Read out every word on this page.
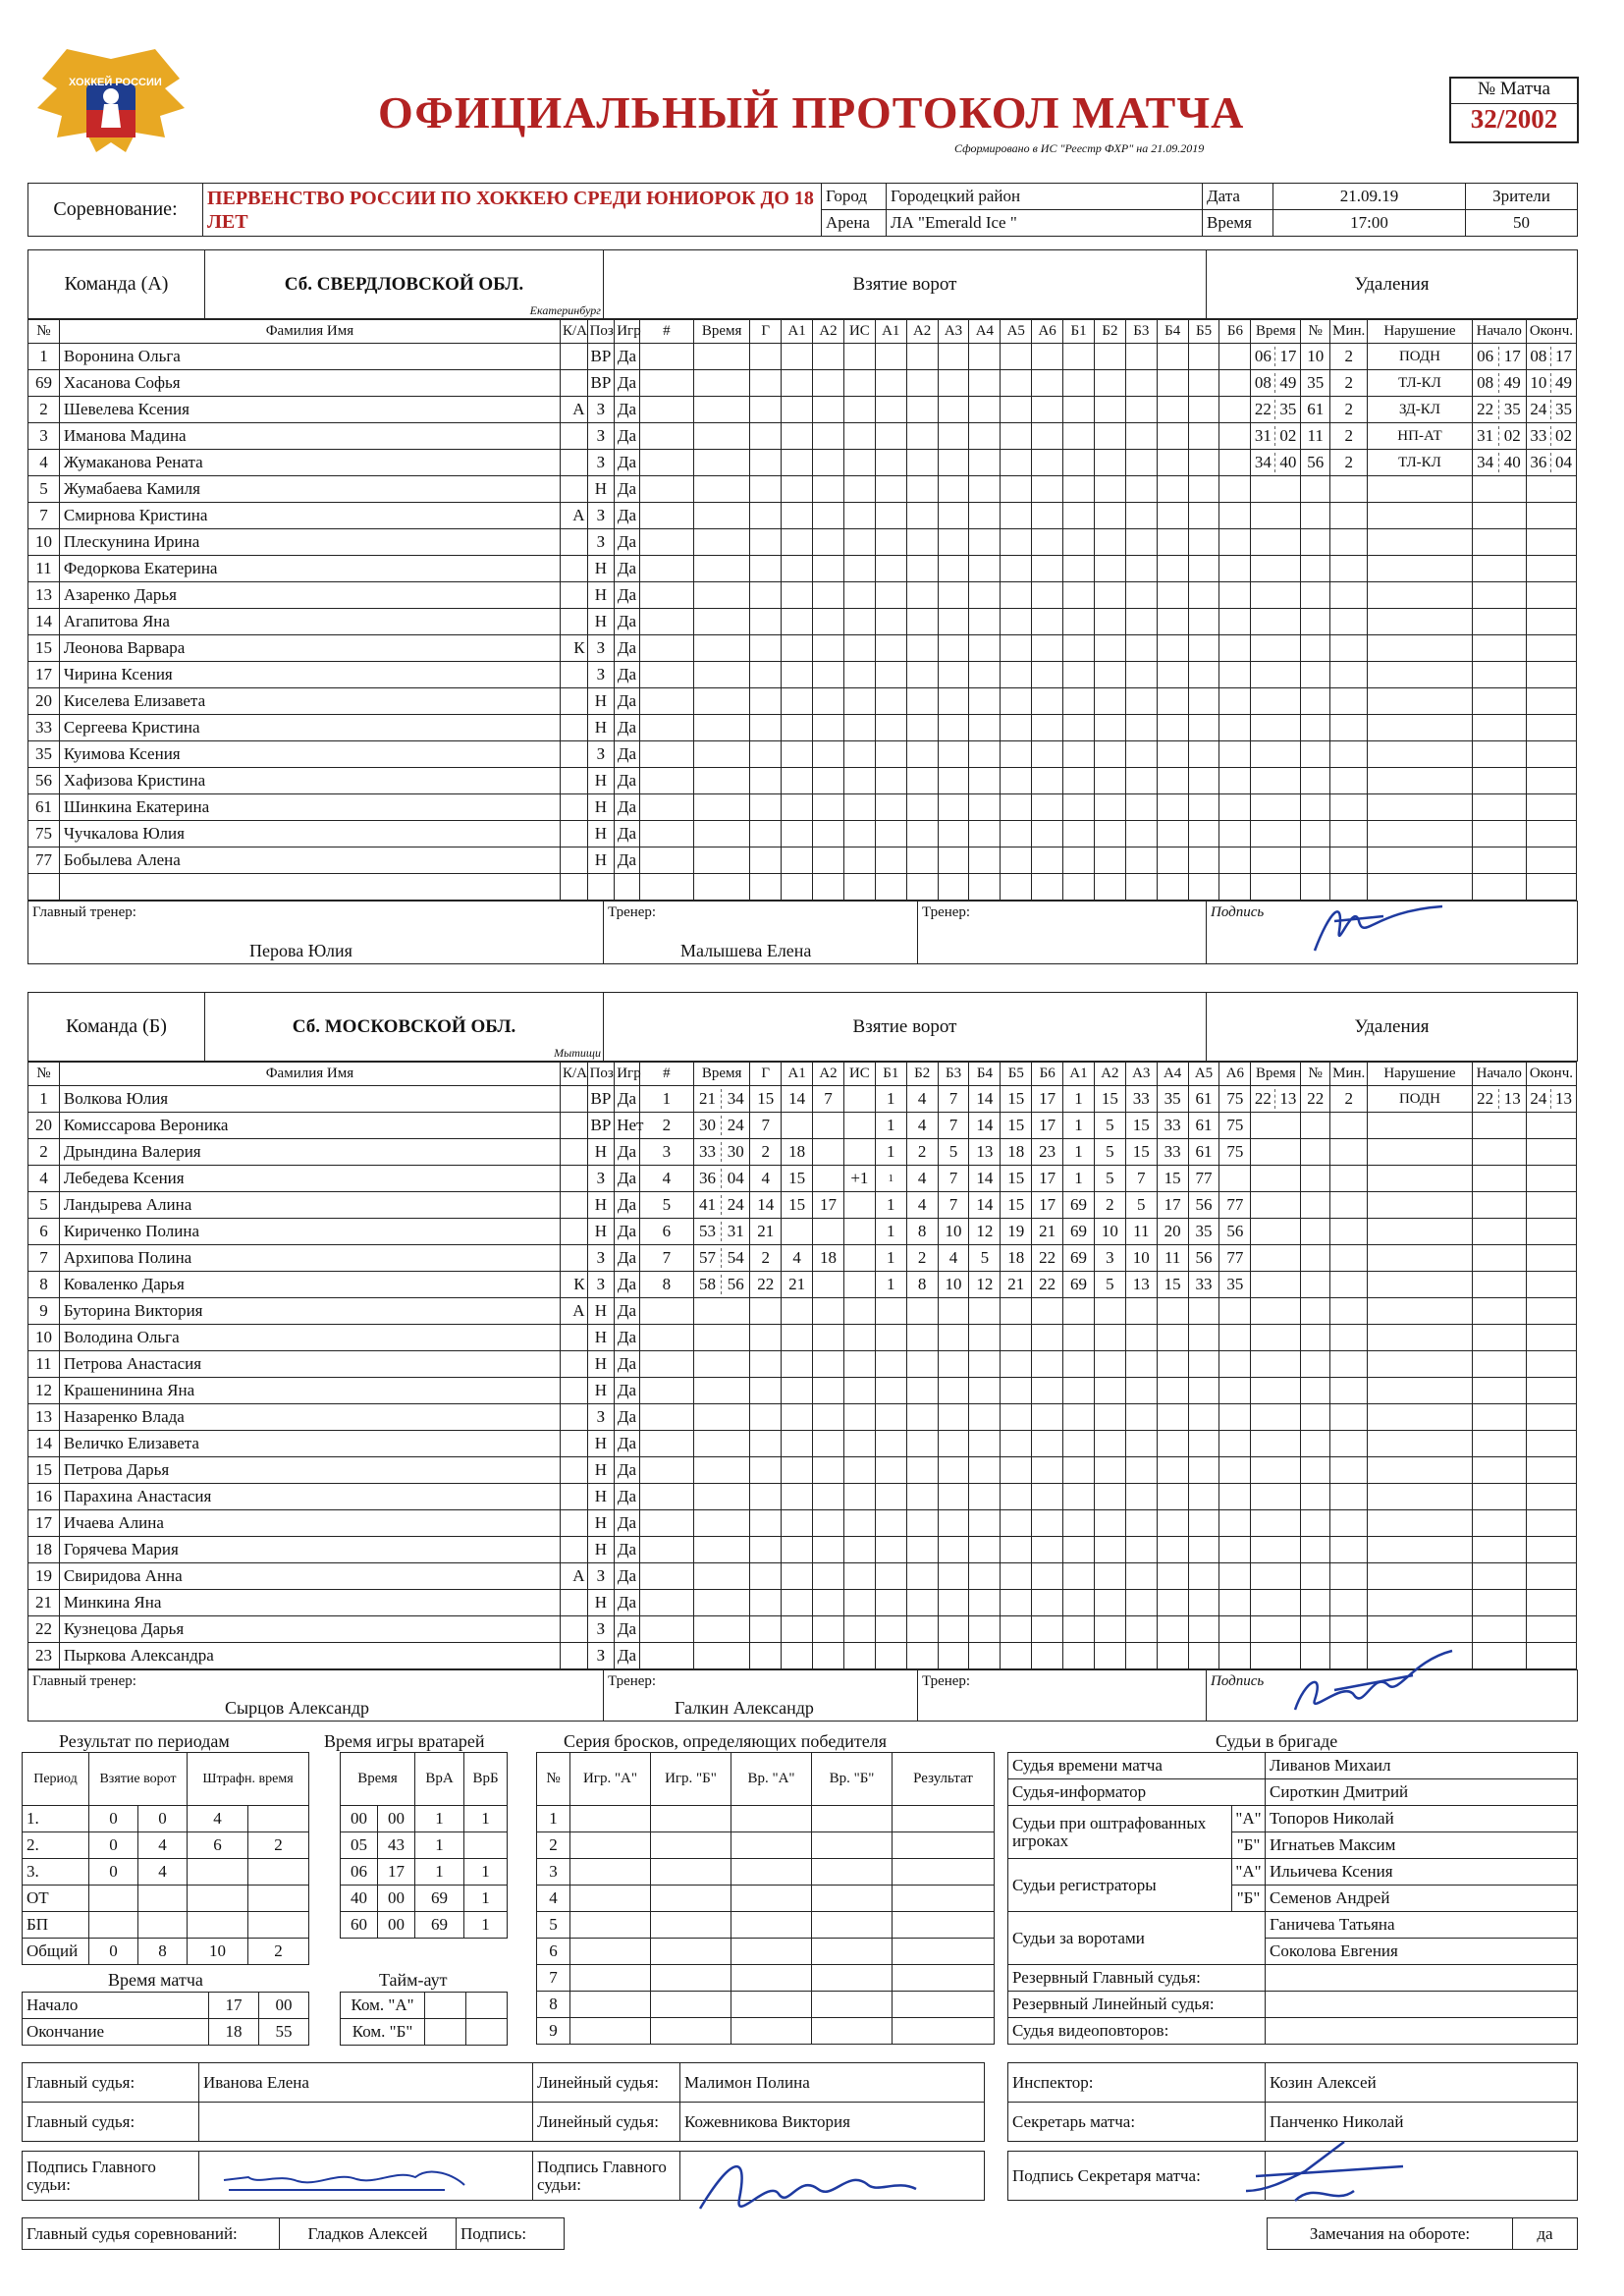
ХОККЕЙ РОССИИ
ОФИЦИАЛЬНЫЙ ПРОТОКОЛ МАТЧА
Сформировано в ИС "Реестр ФХР" на 21.09.2019
№ Матча
32/2002
Соревнование:	ПЕРВЕНСТВО РОССИИ ПО ХОККЕЮ СРЕДИ ЮНИОРОК ДО 18 ЛЕТ	Город	Городецкий район	Дата	21.09.19	Зрители
		Арена	ЛА "Emerald Ice "	Время	17:00	50
Команда (А)	Сб. СВЕРДЛОВСКОЙ ОБЛ.
Екатеринбург
	Взятие ворот	Удаления
№	Фамилия Имя	К/А	Поз	Игр	#	Время	Г	А1	А2	ИС	А1	А2	А3	А4	А5	А6	Б1	Б2	Б3	Б4	Б5	Б6	Время	№	Мин.	Нарушение	Начало	Оконч.
1	Воронина Ольга		ВР	Да																			06 17	10	2	ПОДН	06 17	08 17
69	Хасанова Софья		ВР	Да																			08 49	35	2	ТЛ-КЛ	08 49	10 49
2	Шевелева Ксения	А	З	Да																			22 35	61	2	ЗД-КЛ	22 35	24 35
3	Иманова Мадина		З	Да																			31 02	11	2	НП-АТ	31 02	33 02
4	Жумаканова Рената		З	Да																			34 40	56	2	ТЛ-КЛ	34 40	36 04
5	Жумабаева Камиля		Н	Да																								
7	Смирнова Кристина	А	З	Да																								
10	Плескунина Ирина		З	Да																								
11	Федоркова Екатерина		Н	Да																								
13	Азаренко Дарья		Н	Да																								
14	Агапитова Яна		Н	Да																								
15	Леонова Варвара	К	З	Да																								
17	Чирина Ксения		З	Да																								
20	Киселева Елизавета		Н	Да																								
33	Сергеева Кристина		Н	Да																								
35	Куимова Ксения		З	Да																								
56	Хафизова Кристина		Н	Да																								
61	Шинкина Екатерина		Н	Да																								
75	Чучкалова Юлия		Н	Да																								
77	Бобылева Алена		Н	Да																								

Главный тренер:
Перова Юлия
	Тренер:
Малышева Елена
	Тренер:	Подпись
Команда (Б)	Сб. МОСКОВСКОЙ ОБЛ.
Мытищи
	Взятие ворот	Удаления
№	Фамилия Имя	К/А	Поз	Игр	#	Время	Г	А1	А2	ИС	Б1	Б2	Б3	Б4	Б5	Б6	А1	А2	А3	А4	А5	А6	Время	№	Мин.	Нарушение	Начало	Оконч.
1	Волкова Юлия		ВР	Да	1	21 34	15	14	7		1	4	7	14	15	17	1	15	33	35	61	75	22 13	22	2	ПОДН	22 13	24 13
20	Комиссарова Вероника		ВР	Нет	2	30 24	7				1	4	7	14	15	17	1	5	15	33	61	75						
2	Дрындина Валерия		Н	Да	3	33 30	2	18			1	2	5	13	18	23	1	5	15	33	61	75						
4	Лебедева Ксения		З	Да	4	36 04	4	15		+1	1	4	7	14	15	17	1	5	7	15	77							
5	Ландырева Алина		Н	Да	5	41 24	14	15	17		1	4	7	14	15	17	69	2	5	17	56	77						
6	Кириченко Полина		Н	Да	6	53 31	21				1	8	10	12	19	21	69	10	11	20	35	56						
7	Архипова Полина		З	Да	7	57 54	2	4	18		1	2	4	5	18	22	69	3	10	11	56	77						
8	Коваленко Дарья	К	З	Да	8	58 56	22	21			1	8	10	12	21	22	69	5	13	15	33	35						
9	Буторина Виктория	А	Н	Да																								
10	Володина Ольга		Н	Да																								
11	Петрова Анастасия		Н	Да																								
12	Крашенинина Яна		Н	Да																								
13	Назаренко Влада		З	Да																								
14	Величко Елизавета		Н	Да																								
15	Петрова Дарья		Н	Да																								
16	Парахина Анастасия		Н	Да																								
17	Ичаева Алина		Н	Да																								
18	Горячева Мария		Н	Да																								
19	Свиридова Анна	А	З	Да																								
21	Минкина Яна		Н	Да																								
22	Кузнецова Дарья		З	Да																								
23	Пыркова Александра		З	Да																								
Главный тренер:
Сырцов Александр
	Тренер:
Галкин Александр
	Тренер:	Подпись
Результат по периодам
Период	Взятие ворот		Штрафн. время	
1.	0	0	4	
2.	0	4	6	2
3.	0	4		
ОТ				
БП				
Общий	0	8	10	2
Время игры вратарей
Время		ВрА	ВрБ
00	00	1	1
05	43	1	
06	17	1	1
40	00	69	1
60	00	69	1
Серия бросков, определяющих победителя
№	Игр. "А"	Игр. "Б"	Вр. "А"	Вр. "Б"	Результат
1					
2					
3					
4					
5					
6					
7					
8					
9					
Время матча
Начало	17	00
Окончание	18	55
Тайм-аут
Ком. "А"		
Ком. "Б"		
Судьи в бригаде
Судья времени матча		Ливанов Михаил
Судья-информатор		Сироткин Дмитрий
Судьи при оштрафованных игроках	"А"	Топоров Николай
	"Б"	Игнатьев Максим
Судьи регистраторы	"А"	Ильичева Ксения
	"Б"	Семенов Андрей
Судьи за воротами		Ганичева Татьяна
		Соколова Евгения
Резервный Главный судья:		
Резервный Линейный судья:		
Судья видеоповторов:		
Главный судья:	Иванова Елена	Линейный судья:	Малимон Полина
Главный судья:		Линейный судья:	Кожевникова Виктория
Инспектор:	Козин Алексей
Секретарь матча:	Панченко Николай
Подпись Главного судьи:	
	Подпись Главного судьи:		Подпись Секретаря матча:	
Главный судья соревнований:	Гладков Алексей	Подпись:		Замечания на обороте:	да
